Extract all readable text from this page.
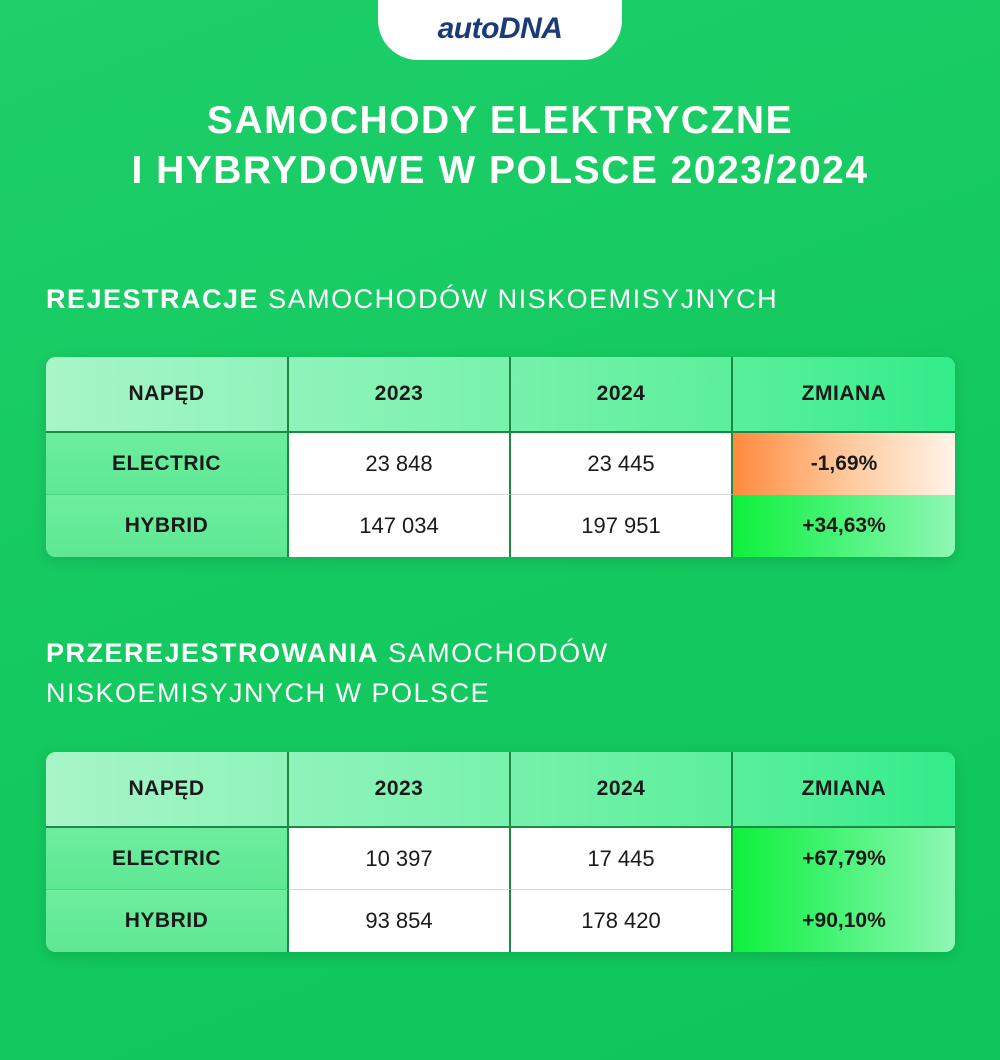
autoDNA
SAMOCHODY ELEKTRYCZNE
I HYBRYDOWE W POLSCE 2023/2024
REJESTRACJE SAMOCHODÓW NISKOEMISYJNYCH
NAPĘD	2023	2024	ZMIANA
ELECTRIC	23 848	23 445	-1,69%
HYBRID	147 034	197 951	+34,63%
PRZEREJESTROWANIA SAMOCHODÓW
NISKOEMISYJNYCH W POLSCE
NAPĘD	2023	2024	ZMIANA
ELECTRIC	10 397	17 445	+67,79%
HYBRID	93 854	178 420	+90,10%
